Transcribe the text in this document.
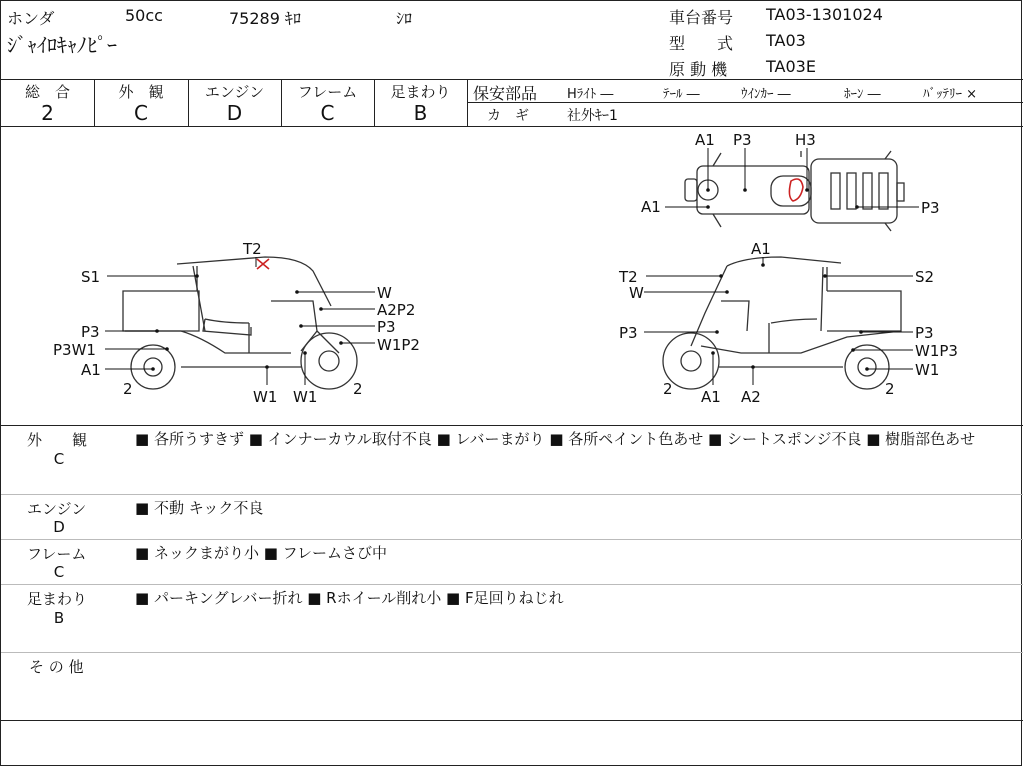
ホンダ	50cc	75289 ｷﾛ	ｼﾛ
ｼﾞｬｲﾛｷｬﾉﾋﾟｰ
車台番号 TA03-1301024
型　　式 TA03
原 動 機 TA03E
総　合
2
外　観
C
エンジン
D
フレーム
C
足まわり
B
保安部品 Hﾗｲﾄ ―	ﾃｰﾙ ―	ｳｲﾝｶｰ ―	ﾎｰﾝ ―	ﾊﾞｯﾃﾘｰ ×
カ　ギ	社外ｷｰ1
A1 P3	H3
A1	P3
T2
S1
W
A2P2
P3
W1P2
P3
P3W1
A1
2	2
W1 W1
A1
T2	S2
W
P3	P3
W1P3
W1
2	2
A1 A2
外　　観
C
■ 各所うすきず ■ インナーカウル取付不良 ■ レバーまがり ■ 各所ペイント色あせ ■ シートスポンジ不良 ■ 樹脂部色あせ
エンジン
D
■ 不動 キック不良
フレーム
C
■ ネックまがり小 ■ フレームさび中
足まわり
B
■ パーキングレバー折れ ■ Rホイール削れ小 ■ F足回りねじれ
そ の 他
